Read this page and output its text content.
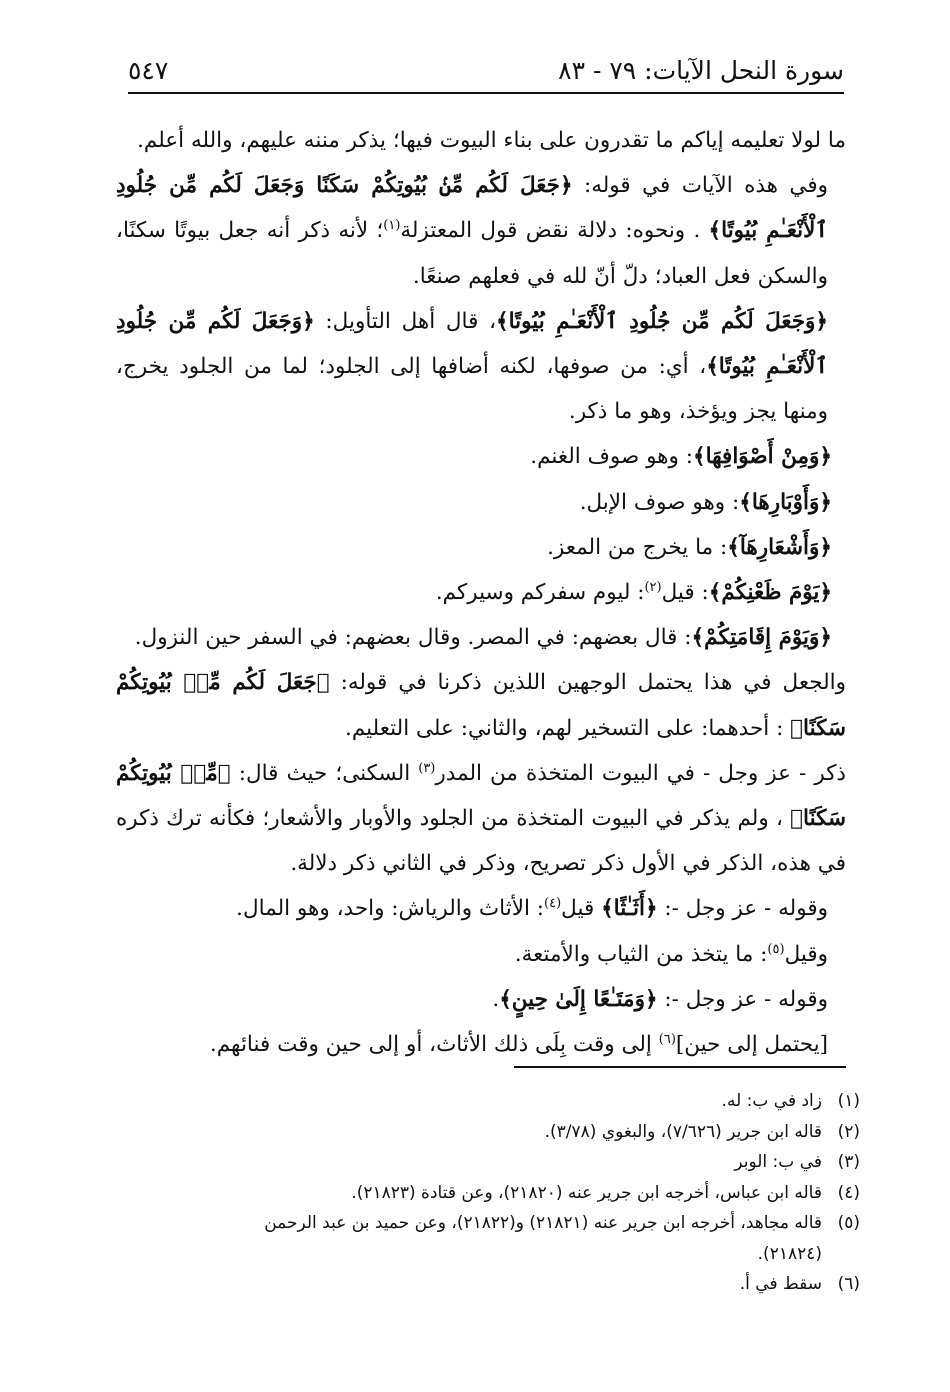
سورة النحل الآيات: ٧٩ - ٨٣
٥٤٧

ما لولا تعليمه إياكم ما تقدرون على بناء البيوت فيها؛ يذكر مننه عليهم، والله أعلم.

وفي هذه الآيات في قوله: ﴿جَعَلَ لَكُم مِّنۢ بُيُوتِكُمْ سَكَنًا وَجَعَلَ لَكُم مِّن جُلُودِ ٱلْأَنْعَـٰمِ بُيُوتًا﴾ . ونحوه: دلالة نقض قول المعتزلة$^{(١)}$؛ لأنه ذكر أنه جعل بيوتًا سكنًا، والسكن فعل العباد؛ دلّ أنّ لله في فعلهم صنعًا.

﴿وَجَعَلَ لَكُم مِّن جُلُودِ ٱلْأَنْعَـٰمِ بُيُوتًا﴾، قال أهل التأويل: ﴿وَجَعَلَ لَكُم مِّن جُلُودِ ٱلْأَنْعَـٰمِ بُيُوتًا﴾، أي: من صوفها، لكنه أضافها إلى الجلود؛ لما من الجلود يخرج، ومنها يجز ويؤخذ، وهو ما ذكر.

﴿وَمِنْ أَصْوَافِهَا﴾: وهو صوف الغنم.

﴿وَأَوْبَارِهَا﴾: وهو صوف الإبل.

﴿وَأَشْعَارِهَآ﴾: ما يخرج من المعز.

﴿يَوْمَ ظَعْنِكُمْ﴾: قيل$^{(٢)}$: ليوم سفركم وسيركم.

﴿وَيَوْمَ إِقَامَتِكُمْ﴾: قال بعضهم: في المصر. وقال بعضهم: في السفر حين النزول.

والجعل في هذا يحتمل الوجهين اللذين ذكرنا في قوله: ﴿جَعَلَ لَكُم مِّنۢ بُيُوتِكُمْ سَكَنًا﴾ : أحدهما: على التسخير لهم، والثاني: على التعليم.

ذكر - عز وجل - في البيوت المتخذة من المدر$^{(٣)}$ السكنى؛ حيث قال: ﴿مِّنۢ بُيُوتِكُمْ سَكَنًا﴾ ، ولم يذكر في البيوت المتخذة من الجلود والأوبار والأشعار؛ فكأنه ترك ذكره في هذه، الذكر في الأول ذكر تصريح، وذكر في الثاني ذكر دلالة.

وقوله - عز وجل -: ﴿أَثَـٰثًا﴾ قيل$^{(٤)}$: الأثاث والرياش: واحد، وهو المال.

وقيل$^{(٥)}$: ما يتخذ من الثياب والأمتعة.

وقوله - عز وجل -: ﴿وَمَتَـٰعًا إِلَىٰ حِينٍ﴾.

[يحتمل إلى حين]$^{(٦)}$ إلى وقت بِلَى ذلك الأثاث، أو إلى حين وقت فنائهم.

(١)
زاد في ب: له.
(٢)
قاله ابن جرير (٧/٦٢٦)، والبغوي (٣/٧٨).
(٣)
في ب: الوبر
(٤)
قاله ابن عباس، أخرجه ابن جرير عنه (٢١٨٢٠)، وعن قتادة (٢١٨٢٣).
(٥)
قاله مجاهد، أخرجه ابن جرير عنه (٢١٨٢١) و(٢١٨٢٢)، وعن حميد بن عبد الرحمن (٢١٨٢٤).
(٦)
سقط في أ.
